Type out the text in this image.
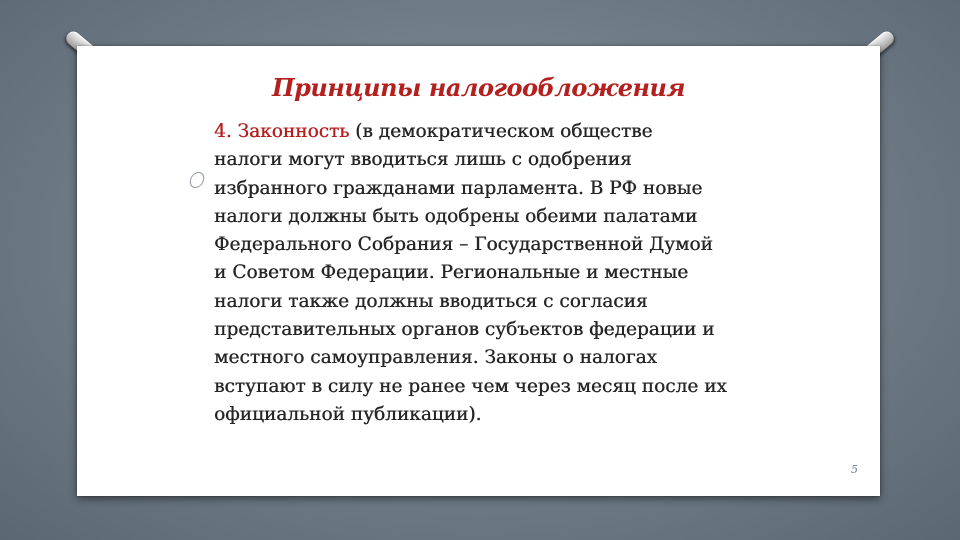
Принципы налогообложения
4. Законность (в демократическом обществе
налоги могут вводиться лишь с одобрения
избранного гражданами парламента. В РФ новые
налоги должны быть одобрены обеими палатами
Федерального Собрания – Государственной Думой
и Советом Федерации. Региональные и местные
налоги также должны вводиться с согласия
представительных органов субъектов федерации и
местного самоуправления. Законы о налогах
вступают в силу не ранее чем через месяц после их
официальной публикации).
5
